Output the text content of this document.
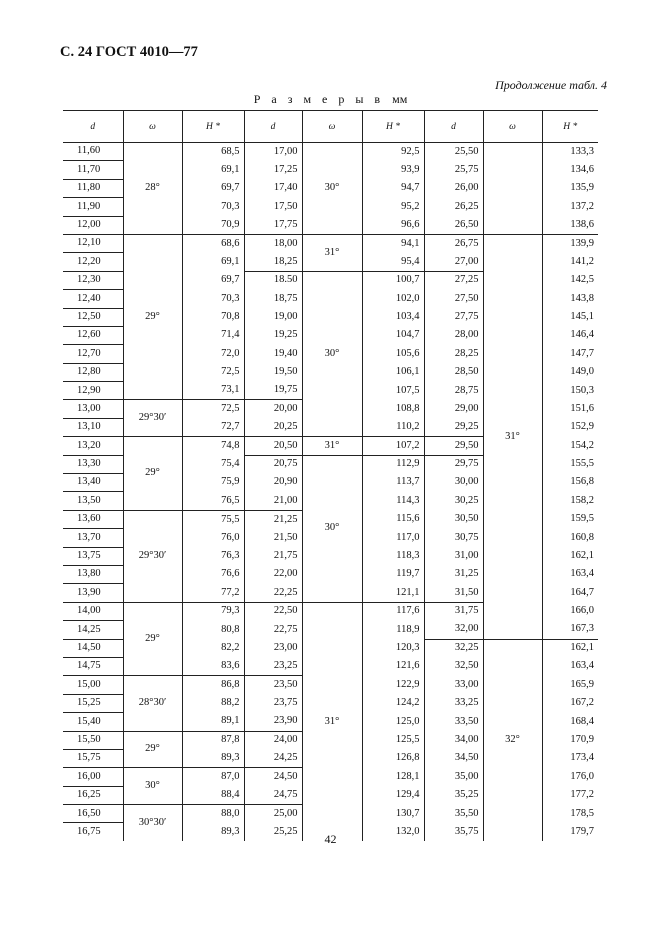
С. 24 ГОСТ 4010—77
Продолжение табл. 4
Р а з м е р ы в мм
d	ω	H *	d	ω	H *	d	ω	H *
11,60	28°	68,5	17,00	30°	92,5	25,50		133,3
11,70		69,1	17,25		93,9	25,75		134,6
11,80		69,7	17,40		94,7	26,00		135,9
11,90		70,3	17,50		95,2	26,25		137,2
12,00		70,9	17,75		96,6	26,50		138,6
12,10	29°	68,6	18,00	31°	94,1	26,75	31°	139,9
12,20		69,1	18,25		95,4	27,00		141,2
12,30		69,7	18.50	30°	100,7	27,25		142,5
12,40		70,3	18,75		102,0	27,50		143,8
12,50		70,8	19,00		103,4	27,75		145,1
12,60		71,4	19,25		104,7	28,00		146,4
12,70		72,0	19,40		105,6	28,25		147,7
12,80		72,5	19,50		106,1	28,50		149,0
12,90		73,1	19,75		107,5	28,75		150,3
13,00	29°30′	72,5	20,00		108,8	29,00		151,6
13,10		72,7	20,25		110,2	29,25		152,9
13,20	29°	74,8	20,50	31°	107,2	29,50		154,2
13,30		75,4	20,75	30°	112,9	29,75		155,5
13,40		75,9	20,90		113,7	30,00		156,8
13,50		76,5	21,00		114,3	30,25		158,2
13,60	29°30′	75,5	21,25		115,6	30,50		159,5
13,70		76,0	21,50		117,0	30,75		160,8
13,75		76,3	21,75		118,3	31,00		162,1
13,80		76,6	22,00		119,7	31,25		163,4
13,90		77,2	22,25		121,1	31,50		164,7
14,00	29°	79,3	22,50	31°	117,6	31,75		166,0
14,25		80,8	22,75		118,9	32,00		167,3
14,50		82,2	23,00		120,3	32,25	32°	162,1
14,75		83,6	23,25		121,6	32,50		163,4
15,00	28°30′	86,8	23,50		122,9	33,00		165,9
15,25		88,2	23,75		124,2	33,25		167,2
15,40		89,1	23,90		125,0	33,50		168,4
15,50	29°	87,8	24,00		125,5	34,00		170,9
15,75		89,3	24,25		126,8	34,50		173,4
16,00	30°	87,0	24,50		128,1	35,00		176,0
16,25		88,4	24,75		129,4	35,25		177,2
16,50	30°30′	88,0	25,00		130,7	35,50		178,5
16,75		89,3	25,25		132,0	35,75		179,7
42
